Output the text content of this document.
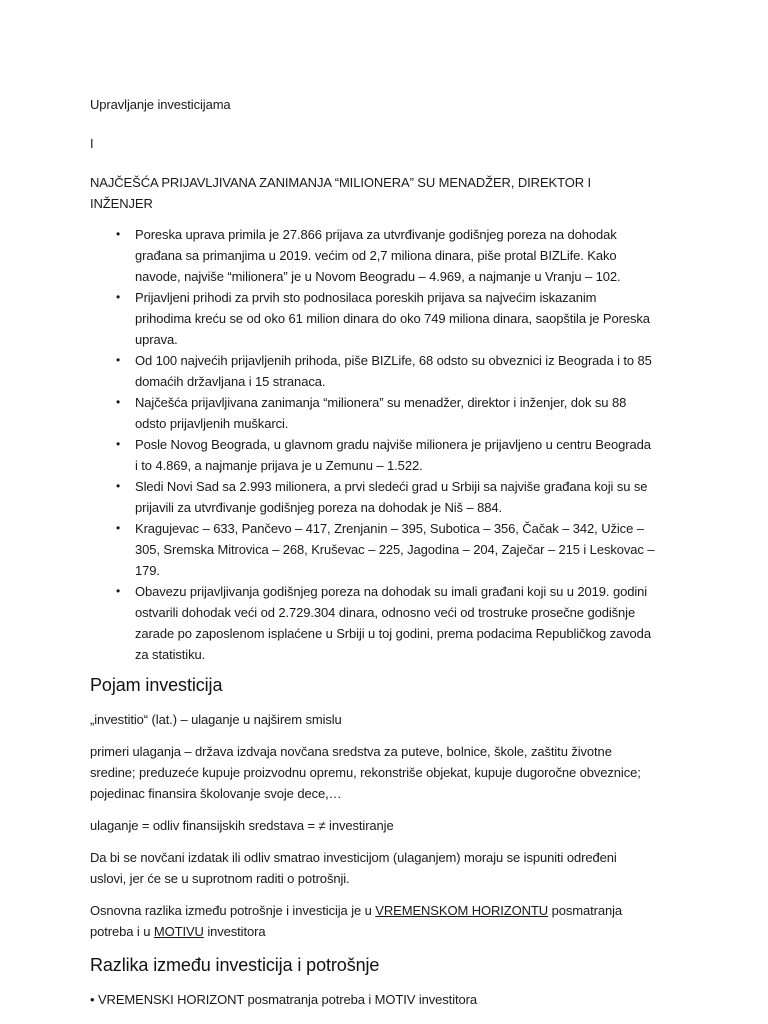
Upravljanje investicijama

I

NAJČEŠĆA PRIJAVLJIVANA ZANIMANJA “MILIONERA” SU MENADŽER, DIREKTOR I INŽENJER

• Poreska uprava primila je 27.866 prijava za utvrđivanje godišnjeg poreza na dohodak građana sa primanjima u 2019. većim od 2,7 miliona dinara, piše protal BIZLife. Kako navode, najviše “milionera” je u Novom Beogradu – 4.969, a najmanje u Vranju – 102.
• Prijavljeni prihodi za prvih sto podnosilaca poreskih prijava sa najvećim iskazanim prihodima kreću se od oko 61 milion dinara do oko 749 miliona dinara, saopštila je Poreska uprava.
• Od 100 najvećih prijavljenih prihoda, piše BIZLife, 68 odsto su obveznici iz Beograda i to 85 domaćih državljana i 15 stranaca.
• Najčešća prijavljivana zanimanja “milionera” su menadžer, direktor i inženjer, dok su 88 odsto prijavljenih muškarci.
• Posle Novog Beograda, u glavnom gradu najviše milionera je prijavljeno u centru Beograda i to 4.869, a najmanje prijava je u Zemunu – 1.522.
• Sledi Novi Sad sa 2.993 milionera, a prvi sledeći grad u Srbiji sa najviše građana koji su se prijavili za utvrđivanje godišnjeg poreza na dohodak je Niš – 884.
• Kragujevac – 633, Pančevo – 417, Zrenjanin – 395, Subotica – 356, Čačak – 342, Užice – 305, Sremska Mitrovica – 268, Kruševac – 225, Jagodina – 204, Zaječar – 215 i Leskovac – 179.
• Obavezu prijavljivanja godišnjeg poreza na dohodak su imali građani koji su u 2019. godini ostvarili dohodak veći od 2.729.304 dinara, odnosno veći od trostruke prosečne godišnje zarade po zaposlenom isplaćene u Srbiji u toj godini, prema podacima Republičkog zavoda za statistiku.
Pojam investicija

„investitio“ (lat.) – ulaganje u najširem smislu

primeri ulaganja – država izdvaja novčana sredstva za puteve, bolnice, škole, zaštitu životne sredine; preduzeće kupuje proizvodnu opremu, rekonstriše objekat, kupuje dugoročne obveznice; pojedinac finansira školovanje svoje dece,…

ulaganje = odliv finansijskih sredstava = ≠ investiranje

Da bi se novčani izdatak ili odliv smatrao investicijom (ulaganjem) moraju se ispuniti određeni uslovi, jer će se u suprotnom raditi o potrošnji.

Osnovna razlika između potrošnje i investicija je u VREMENSKOM HORIZONTU posmatranja potreba i u MOTIVU investitora

Razlika između investicija i potrošnje

• VREMENSKI HORIZONT posmatranja potreba i MOTIV investitora
